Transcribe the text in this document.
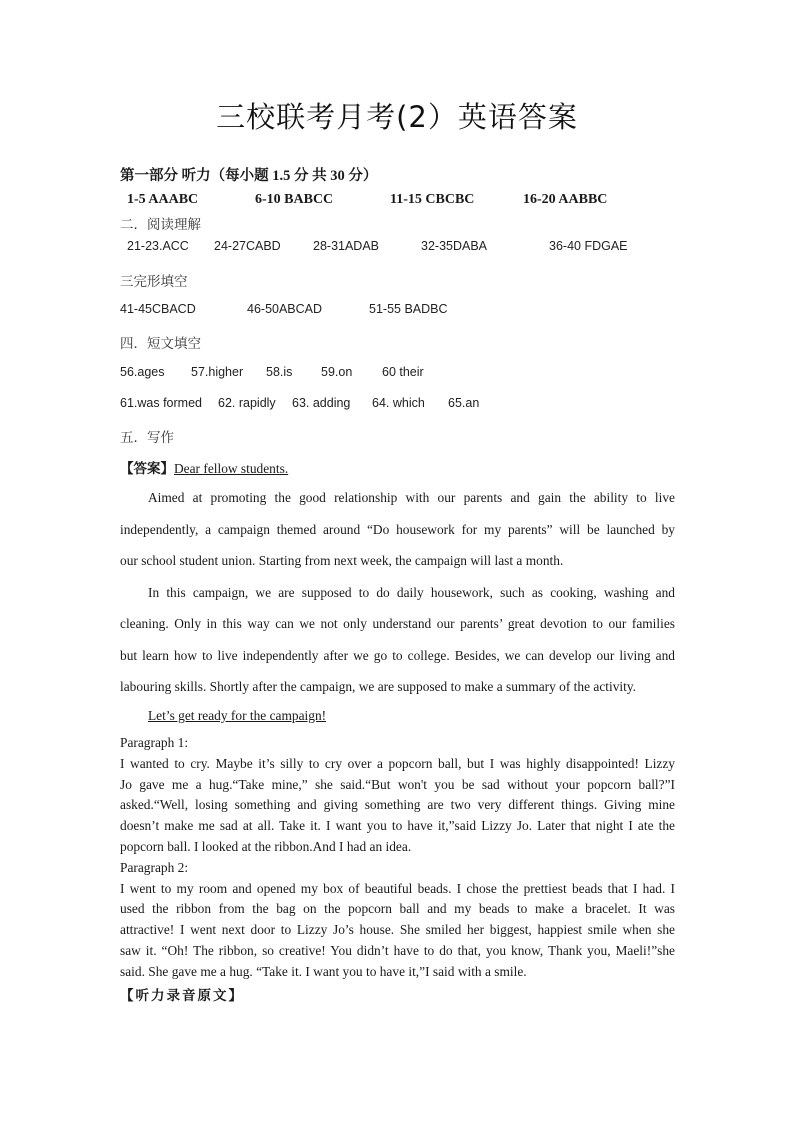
三校联考月考(2）英语答案
第一部分 听力（每小题 1.5 分 共 30 分）
1-5 AAABC	6-10 BABCC	11-15 CBCBC	16-20 AABBC
二．阅读理解
21-23.ACC 24-27CABD	28-31ADAB	32-35DABA	36-40 FDGAE
三完形填空
41-45CBACD	46-50ABCAD	51-55 BADBC
四．短文填空
56.ages 57.higher 58.is 59.on 60 their
61.was formed 62. rapidly 63. adding 64. which 65.an
五．写作
【答案】Dear fellow students.

Aimed at promoting the good relationship with our parents and gain the ability to live

independently, a campaign themed around “Do housework for my parents” will be launched by

our school student union. Starting from next week, the campaign will last a month.

In this campaign, we are supposed to do daily housework, such as cooking, washing and

cleaning. Only in this way can we not only understand our parents’ great devotion to our families

but learn how to live independently after we go to college. Besides, we can develop our living and

labouring skills. Shortly after the campaign, we are supposed to make a summary of the activity.

Let’s get ready for the campaign!

Paragraph 1:

I wanted to cry. Maybe it’s silly to cry over a popcorn ball, but I was highly disappointed! Lizzy

Jo gave me a hug.“Take mine,” she said.“But won't you be sad without your popcorn ball?”I

asked.“Well, losing something and giving something are two very different things. Giving mine

doesn’t make me sad at all. Take it. I want you to have it,”said Lizzy Jo. Later that night I ate the

popcorn ball. I looked at the ribbon.And I had an idea.

Paragraph 2:

I went to my room and opened my box of beautiful beads. I chose the prettiest beads that I had. I

used the ribbon from the bag on the popcorn ball and my beads to make a bracelet. It was

attractive! I went next door to Lizzy Jo’s house. She smiled her biggest, happiest smile when she

saw it. “Oh! The ribbon, so creative! You didn’t have to do that, you know, Thank you, Maeli!”she

said. She gave me a hug. “Take it. I want you to have it,”I said with a smile.

【听力录音原文】
